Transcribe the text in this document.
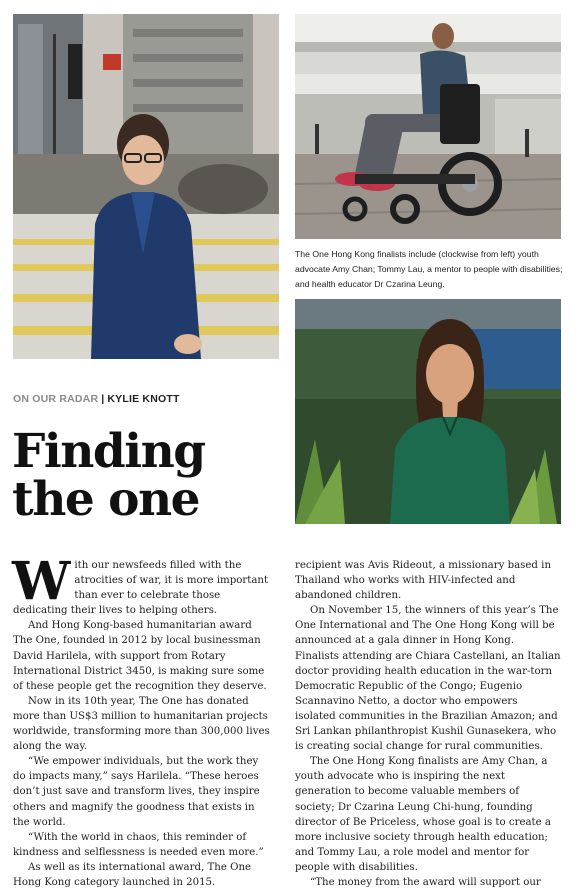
The One Hong Kong finalists include (clockwise from left) youth advocate Amy Chan; Tommy Lau, a mentor to people with disabilities; and health educator Dr Czarina Leung.
ON OUR RADAR | KYLIE KNOTT
Finding
the one

With our newsfeeds filled with the atrocities of war, it is more important than ever to celebrate those dedicating their lives to helping others.

And Hong Kong-based humanitarian award The One, founded in 2012 by local businessman David Harilela, with support from Rotary International District 3450, is making sure some of these people get the recognition they deserve.

Now in its 10th year, The One has donated more than US$3 million to humanitarian projects worldwide, transforming more than 300,000 lives along the way.

“We empower individuals, but the work they do impacts many,” says Harilela. “These heroes don’t just save and transform lives, they inspire others and magnify the goodness that exists in the world.

“With the world in chaos, this reminder of kindness and selflessness is needed even more.”

As well as its international award, The One Hong Kong category launched in 2015.

recipient was Avis Rideout, a missionary based in Thailand who works with HIV-infected and abandoned children.

On November 15, the winners of this year’s The One International and The One Hong Kong will be announced at a gala dinner in Hong Kong. Finalists attending are Chiara Castellani, an Italian doctor providing health education in the war-torn Democratic Republic of the Congo; Eugenio Scannavino Netto, a doctor who empowers isolated communities in the Brazilian Amazon; and Sri Lankan philanthropist Kushil Gunasekera, who is creating social change for rural communities.

The One Hong Kong finalists are Amy Chan, a youth advocate who is inspiring the next generation to become valuable members of society; Dr Czarina Leung Chi-hung, founding director of Be Priceless, whose goal is to create a more inclusive society through health education; and Tommy Lau, a role model and mentor for people with disabilities.

“The money from the award will support our
